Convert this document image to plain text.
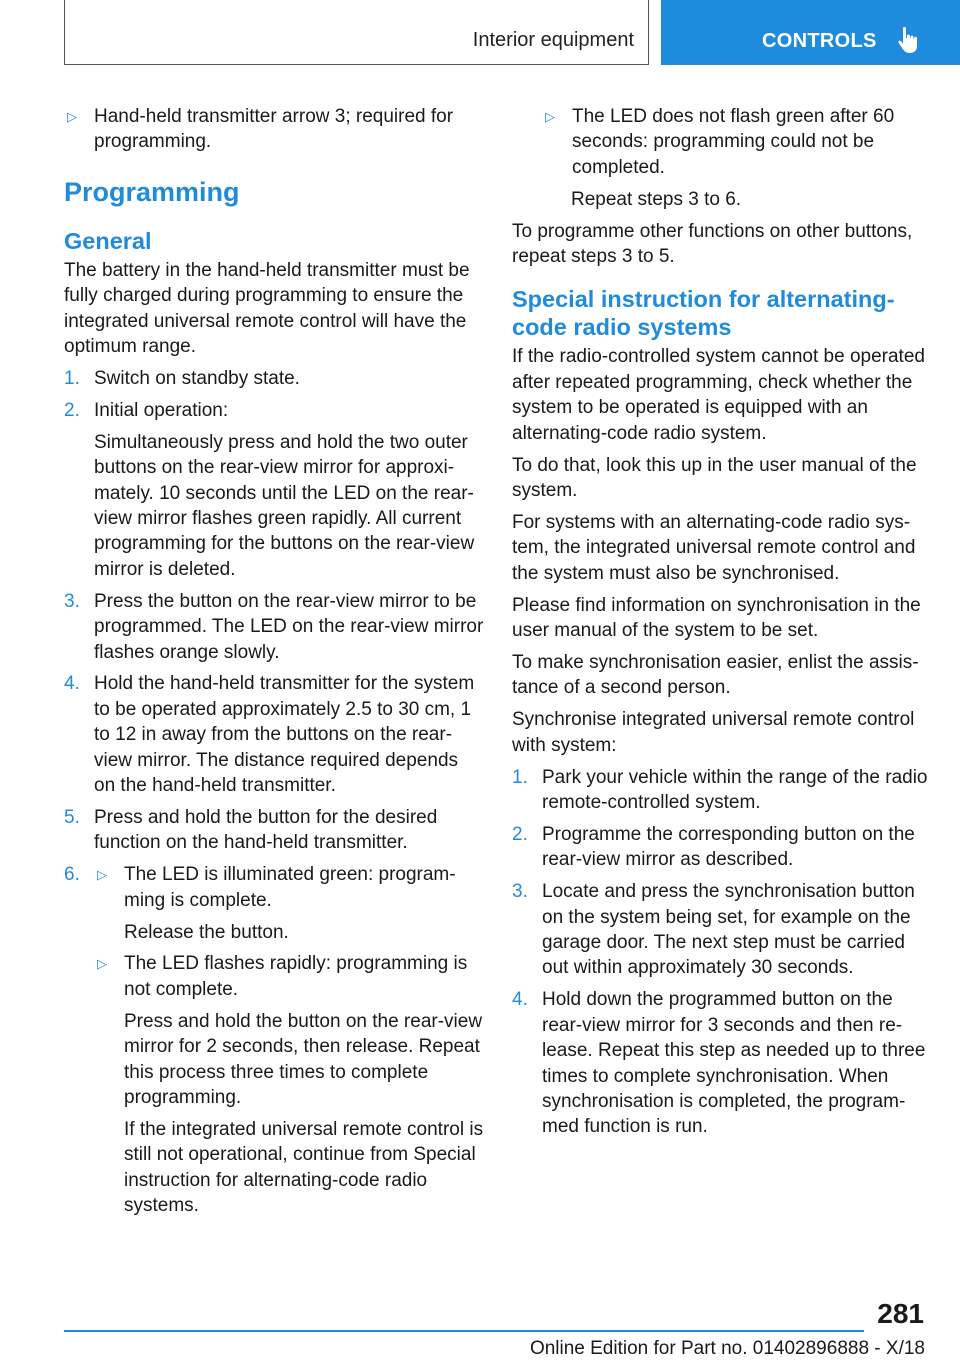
Interior equipment	CONTROLS
▷ Hand-held transmitter arrow 3; required for programming.
Programming
General
The battery in the hand-held transmitter must be fully charged during programming to ensure the integrated universal remote control will have the optimum range.
1. Switch on standby state.
2. Initial operation:
Simultaneously press and hold the two outer buttons on the rear-view mirror for approximately. 10 seconds until the LED on the rear-view mirror flashes green rapidly. All current programming for the buttons on the rear-view mirror is deleted.
3. Press the button on the rear-view mirror to be programmed. The LED on the rear-view mirror flashes orange slowly.
4. Hold the hand-held transmitter for the system to be operated approximately 2.5 to 30 cm, 1 to 12 in away from the buttons on the rear-view mirror. The distance required depends on the hand-held transmitter.
5. Press and hold the button for the desired function on the hand-held transmitter.
6. ▷ The LED is illuminated green: programming is complete.
Release the button.
▷ The LED flashes rapidly: programming is not complete.
Press and hold the button on the rear-view mirror for 2 seconds, then release. Repeat this process three times to complete programming.
If the integrated universal remote control is still not operational, continue from Special instruction for alternating-code radio systems.
▷ The LED does not flash green after 60 seconds: programming could not be completed.
Repeat steps 3 to 6.
To programme other functions on other buttons, repeat steps 3 to 5.
Special instruction for alternating-code radio systems
If the radio-controlled system cannot be operated after repeated programming, check whether the system to be operated is equipped with an alternating-code radio system.
To do that, look this up in the user manual of the system.
For systems with an alternating-code radio system, the integrated universal remote control and the system must also be synchronised.
Please find information on synchronisation in the user manual of the system to be set.
To make synchronisation easier, enlist the assistance of a second person.
Synchronise integrated universal remote control with system:
1. Park your vehicle within the range of the radio remote-controlled system.
2. Programme the corresponding button on the rear-view mirror as described.
3. Locate and press the synchronisation button on the system being set, for example on the garage door. The next step must be carried out within approximately 30 seconds.
4. Hold down the programmed button on the rear-view mirror for 3 seconds and then release. Repeat this step as needed up to three times to complete synchronisation. When synchronisation is completed, the programmed function is run.
281
Online Edition for Part no. 01402896888 - X/18
